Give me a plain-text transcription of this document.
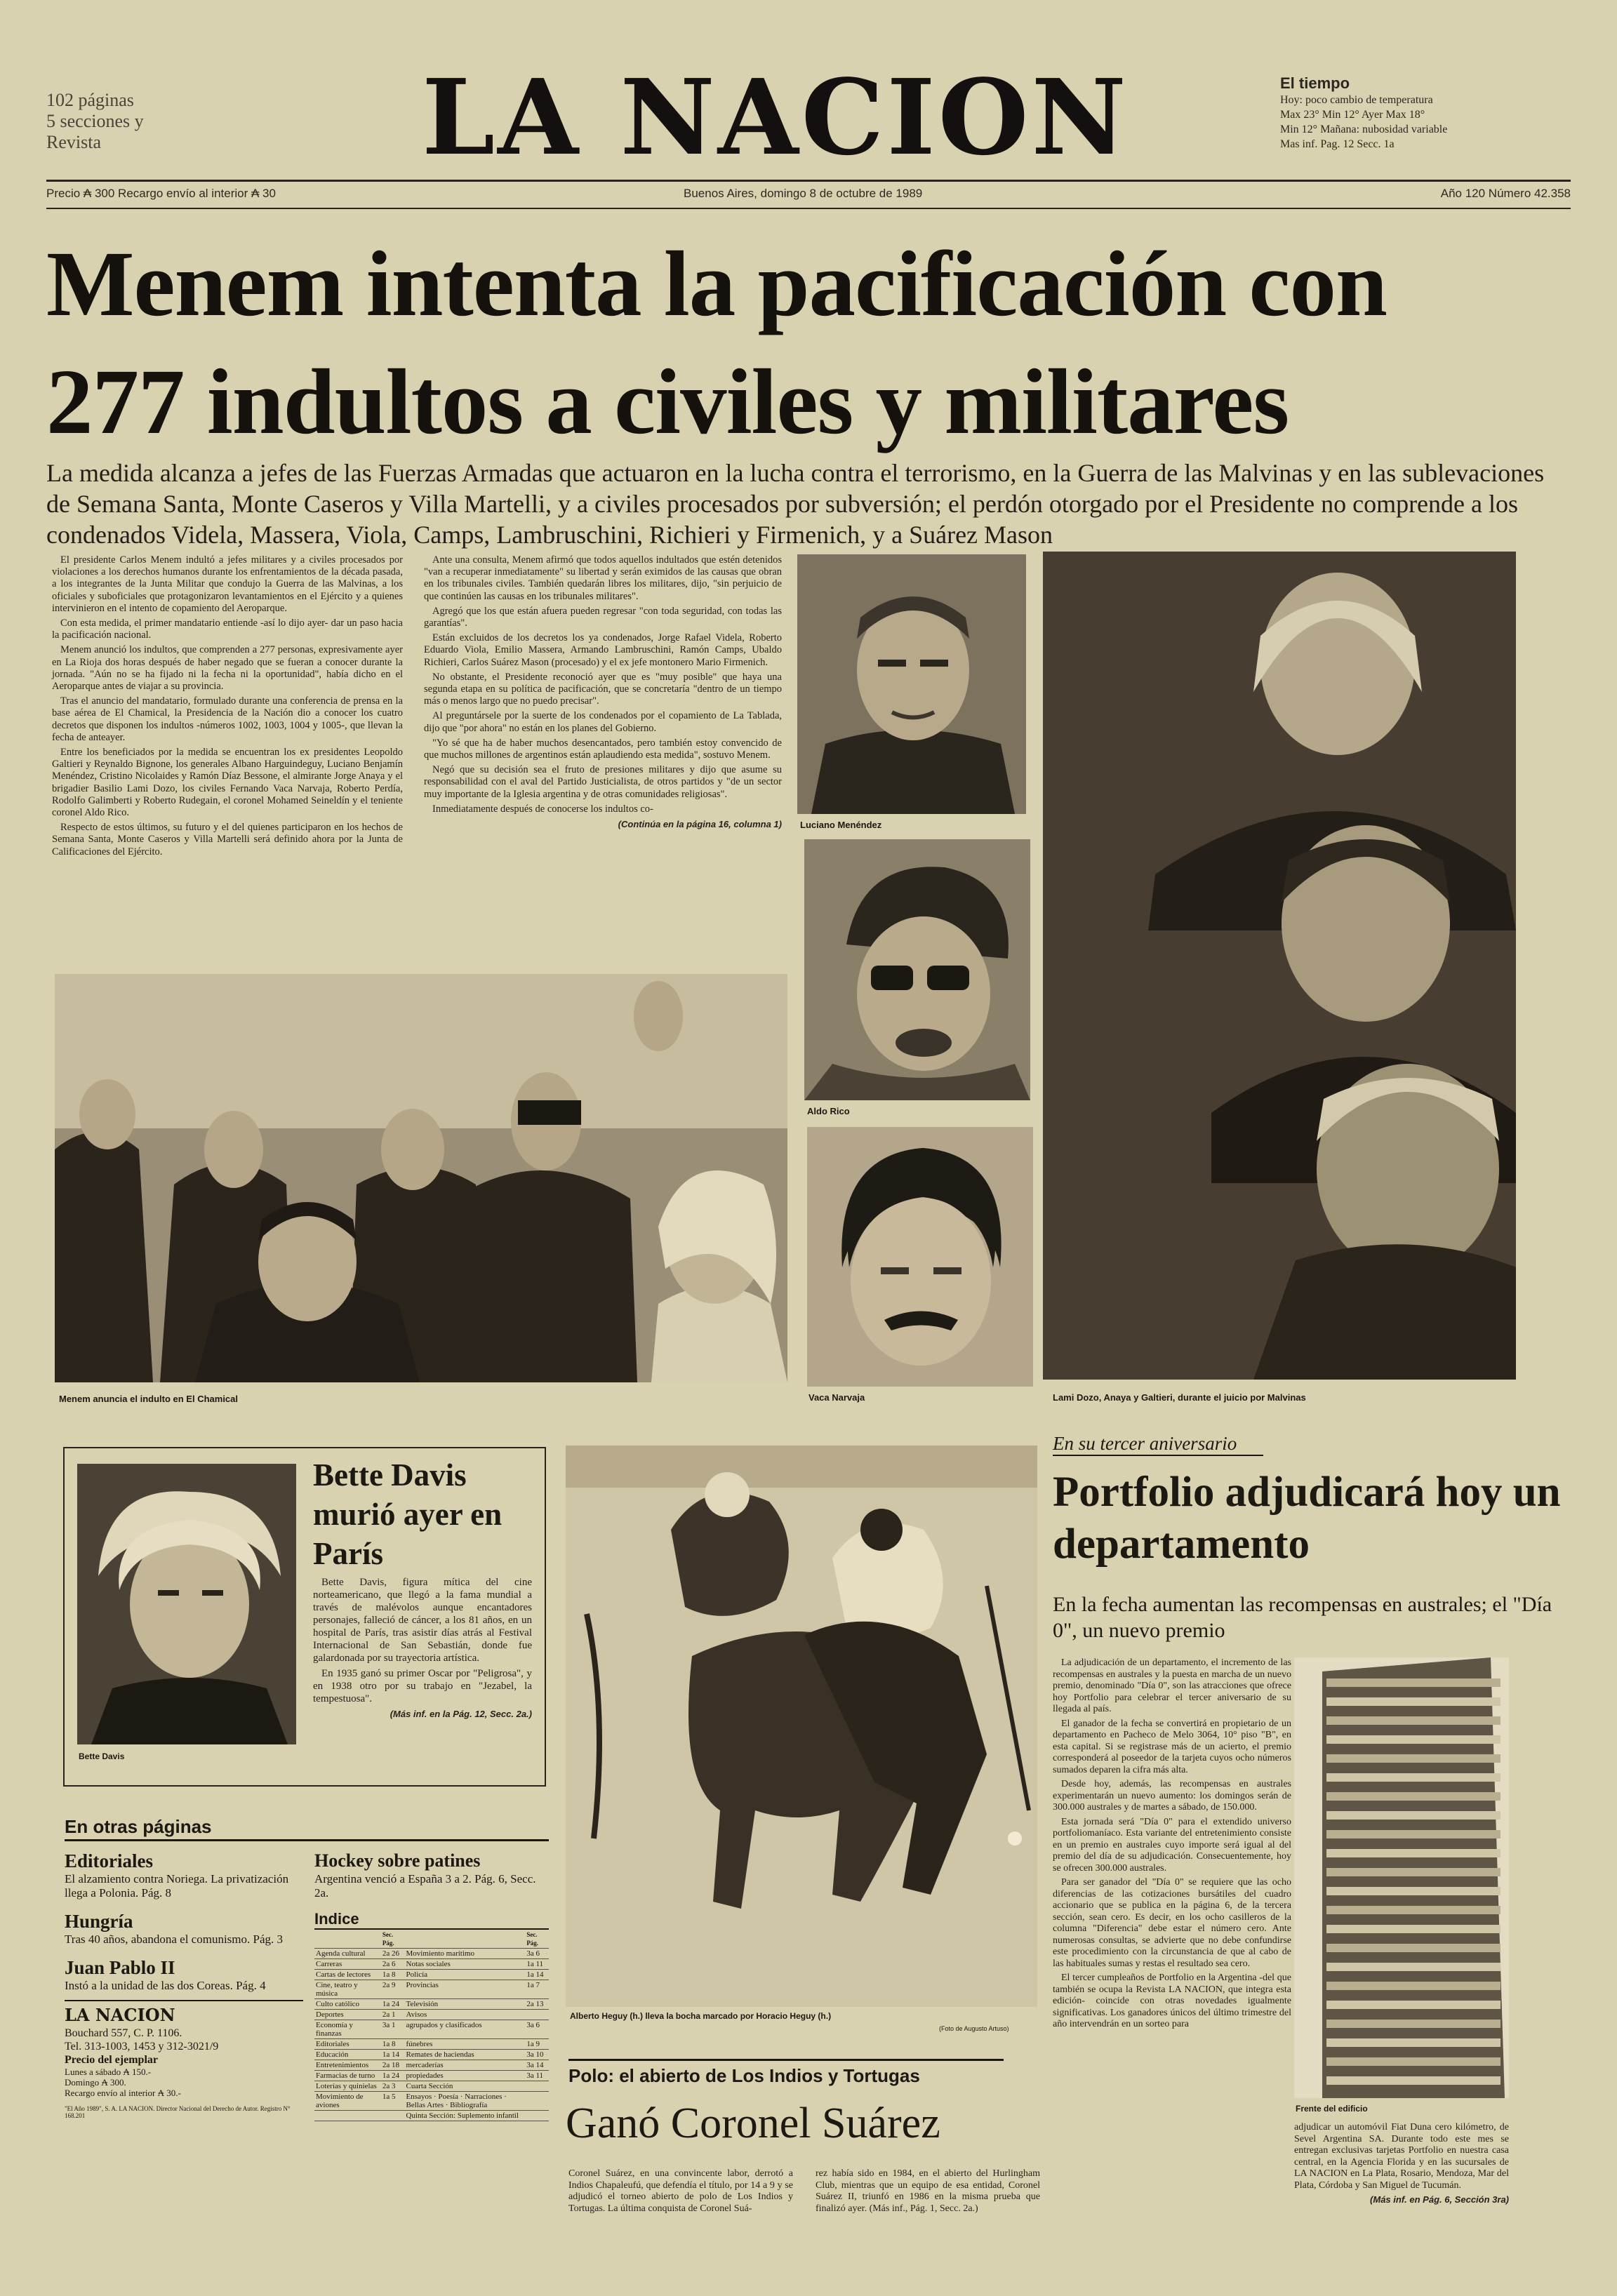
102 páginas
5 secciones y
Revista	LA NACION	El tiempo
Hoy: poco cambio de temperatura
Max 23° Min 12° Ayer Max 18°
Min 12° Mañana: nubosidad variable
Mas inf. Pag. 12 Secc. 1a
Precio ₳ 300 Recargo envío al interior ₳ 30	Buenos Aires, domingo 8 de octubre de 1989	Año 120 Número 42.358
Menem intenta la pacificación con
277 indultos a civiles y militares
La medida alcanza a jefes de las Fuerzas Armadas que actuaron en la lucha contra el terrorismo, en la Guerra de las Malvinas y en las sublevaciones de Semana Santa, Monte Caseros y Villa Martelli, y a civiles procesados por subversión; el perdón otorgado por el Presidente no comprende a los condenados Videla, Massera, Viola, Camps, Lambruschini, Richieri y Firmenich, y a Suárez Mason

El presidente Carlos Menem indultó a jefes militares y a civiles procesados por violaciones a los derechos humanos durante los enfrentamientos de la década pasada, a los integrantes de la Junta Militar que condujo la Guerra de las Malvinas, a los oficiales y suboficiales que protagonizaron levantamientos en el Ejército y a quienes intervinieron en el intento de copamiento del Aeroparque.

Con esta medida, el primer mandatario entiende -así lo dijo ayer- dar un paso hacia la pacificación nacional.

Menem anunció los indultos, que comprenden a 277 personas, expresivamente ayer en La Rioja dos horas después de haber negado que se fueran a conocer durante la jornada. "Aún no se ha fijado ni la fecha ni la oportunidad", había dicho en el Aeroparque antes de viajar a su provincia.

Tras el anuncio del mandatario, formulado durante una conferencia de prensa en la base aérea de El Chamical, la Presidencia de la Nación dio a conocer los cuatro decretos que disponen los indultos -números 1002, 1003, 1004 y 1005-, que llevan la fecha de anteayer.

Entre los beneficiados por la medida se encuentran los ex presidentes Leopoldo Galtieri y Reynaldo Bignone, los generales Albano Harguindeguy, Luciano Benjamín Menéndez, Cristino Nicolaides y Ramón Díaz Bessone, el almirante Jorge Anaya y el brigadier Basilio Lami Dozo, los civiles Fernando Vaca Narvaja, Roberto Perdía, Rodolfo Galimberti y Roberto Rudegain, el coronel Mohamed Seineldín y el teniente coronel Aldo Rico.

Respecto de estos últimos, su futuro y el del quienes participaron en los hechos de Semana Santa, Monte Caseros y Villa Martelli será definido ahora por la Junta de Calificaciones del Ejército.

Ante una consulta, Menem afirmó que todos aquellos indultados que estén detenidos "van a recuperar inmediatamente" su libertad y serán eximidos de las causas que obran en los tribunales civiles. También quedarán libres los militares, dijo, "sin perjuicio de que continúen las causas en los tribunales militares".

Agregó que los que están afuera pueden regresar "con toda seguridad, con todas las garantías".

Están excluidos de los decretos los ya condenados, Jorge Rafael Videla, Roberto Eduardo Viola, Emilio Massera, Armando Lambruschini, Ramón Camps, Ubaldo Richieri, Carlos Suárez Mason (procesado) y el ex jefe montonero Mario Firmenich.

No obstante, el Presidente reconoció ayer que es "muy posible" que haya una segunda etapa en su política de pacificación, que se concretaría "dentro de un tiempo más o menos largo que no puedo precisar".

Al preguntársele por la suerte de los condenados por el copamiento de La Tablada, dijo que "por ahora" no están en los planes del Gobierno.

"Yo sé que ha de haber muchos desencantados, pero también estoy convencido de que muchos millones de argentinos están aplaudiendo esta medida", sostuvo Menem.

Negó que su decisión sea el fruto de presiones militares y dijo que asume su responsabilidad con el aval del Partido Justicialista, de otros partidos y "de un sector muy importante de la Iglesia argentina y de otras comunidades religiosas".

Inmediatamente después de conocerse los indultos co-

(Continúa en la página 16, columna 1) Luciano Menéndez
Aldo Rico
Vaca Narvaja	Lami Dozo, Anaya y Galtieri, durante el juicio por Malvinas
Menem anuncia el indulto en El Chamical
Bette Davis
Bette Davis murió ayer en París

Bette Davis, figura mítica del cine norteamericano, que llegó a la fama mundial a través de malévolos aunque encantadores personajes, falleció de cáncer, a los 81 años, en un hospital de París, tras asistir días atrás al Festival Internacional de San Sebastián, donde fue galardonada por su trayectoria artística.

En 1935 ganó su primer Oscar por "Peligrosa", y en 1938 otro por su trabajo en "Jezabel, la tempestuosa".

(Más inf. en la Pág. 12, Secc. 2a.)
En otras páginas
Editoriales
El alzamiento contra Noriega. La privatización llega a Polonia. Pág. 8
Hungría
Tras 40 años, abandona el comunismo. Pág. 3
Juan Pablo II
Instó a la unidad de las dos Coreas. Pág. 4
LA NACION
Bouchard 557, C. P. 1106.
Tel. 313-1003, 1453 y 312-3021/9
Precio del ejemplar
Lunes a sábado ₳ 150.-
Domingo ₳ 300.
Recargo envío al interior ₳ 30.-
"El Año 1989", S. A. LA NACION. Director Nacional del Derecho de Autor. Registro N° 168.201
Hockey sobre patines
Argentina venció a España 3 a 2. Pág. 6, Secc. 2a.
Indice
	Sec. Pág.		Sec. Pág.
Agenda cultural	2a 26	Movimiento marítimo	3a 6
Carreras	2a 6	Notas sociales	1a 11
Cartas de lectores	1a 8	Policía	1a 14
Cine, teatro y música	2a 9	Provincias	1a 7
Culto católico	1a 24	Televisión	2a 13
Deportes	2a 1	Avisos	
Economía y finanzas	3a 1	agrupados y clasificados	3a 6
Editoriales	1a 8	fúnebres	1a 9
Educación	1a 14	Remates de haciendas	3a 10
Entretenimientos	2a 18	mercaderías	3a 14
Farmacias de turno	1a 24	propiedades	3a 11
Loterías y quinielas	2a 3	Cuarta Sección	
Movimiento de aviones	1a 5	Ensayos · Poesía · Narraciones · Bellas Artes · Bibliografía	
		Quinta Sección: Suplemento infantil	
Alberto Heguy (h.) lleva la bocha marcado por Horacio Heguy (h.)
(Foto de Augusto Artuso)
Polo: el abierto de Los Indios y Tortugas
Ganó Coronel Suárez
Coronel Suárez, en una convincente labor, derrotó a Indios Chapaleufú, que defendía el título, por 14 a 9 y se adjudicó el torneo abierto de polo de Los Indios y Tortugas. La última conquista de Coronel Suá-
rez había sido en 1984, en el abierto del Hurlingham Club, mientras que un equipo de esa entidad, Coronel Suárez II, triunfó en 1986 en la misma prueba que finalizó ayer. (Más inf., Pág. 1, Secc. 2a.)
En su tercer aniversario
Portfolio adjudicará hoy un departamento
En la fecha aumentan las recompensas en australes; el "Día 0", un nuevo premio

La adjudicación de un departamento, el incremento de las recompensas en australes y la puesta en marcha de un nuevo premio, denominado "Día 0", son las atracciones que ofrece hoy Portfolio para celebrar el tercer aniversario de su llegada al país.

El ganador de la fecha se convertirá en propietario de un departamento en Pacheco de Melo 3064, 10° piso "B", en esta capital. Si se registrase más de un acierto, el premio corresponderá al poseedor de la tarjeta cuyos ocho números sumados deparen la cifra más alta.

Desde hoy, además, las recompensas en australes experimentarán un nuevo aumento: los domingos serán de 300.000 australes y de martes a sábado, de 150.000.

Esta jornada será "Día 0" para el extendido universo portfoliomaníaco. Esta variante del entretenimiento consiste en un premio en australes cuyo importe será igual al del premio del día de su adjudicación. Consecuentemente, hoy se ofrecen 300.000 australes.

Para ser ganador del "Día 0" se requiere que las ocho diferencias de las cotizaciones bursátiles del cuadro accionario que se publica en la página 6, de la tercera sección, sean cero. Es decir, en los ocho casilleros de la columna "Diferencia" debe estar el número cero. Ante numerosas consultas, se advierte que no debe confundirse este procedimiento con la circunstancia de que al cabo de las habituales sumas y restas el resultado sea cero.

El tercer cumpleaños de Portfolio en la Argentina -del que también se ocupa la Revista LA NACION, que integra esta edición- coincide con otras novedades igualmente significativas. Los ganadores únicos del último trimestre del año intervendrán en un sorteo para

Frente del edificio

adjudicar un automóvil Fiat Duna cero kilómetro, de Sevel Argentina SA. Durante todo este mes se entregan exclusivas tarjetas Portfolio en nuestra casa central, en la Agencia Florida y en las sucursales de LA NACION en La Plata, Rosario, Mendoza, Mar del Plata, Córdoba y San Miguel de Tucumán.

(Más inf. en Pág. 6, Sección 3ra)
